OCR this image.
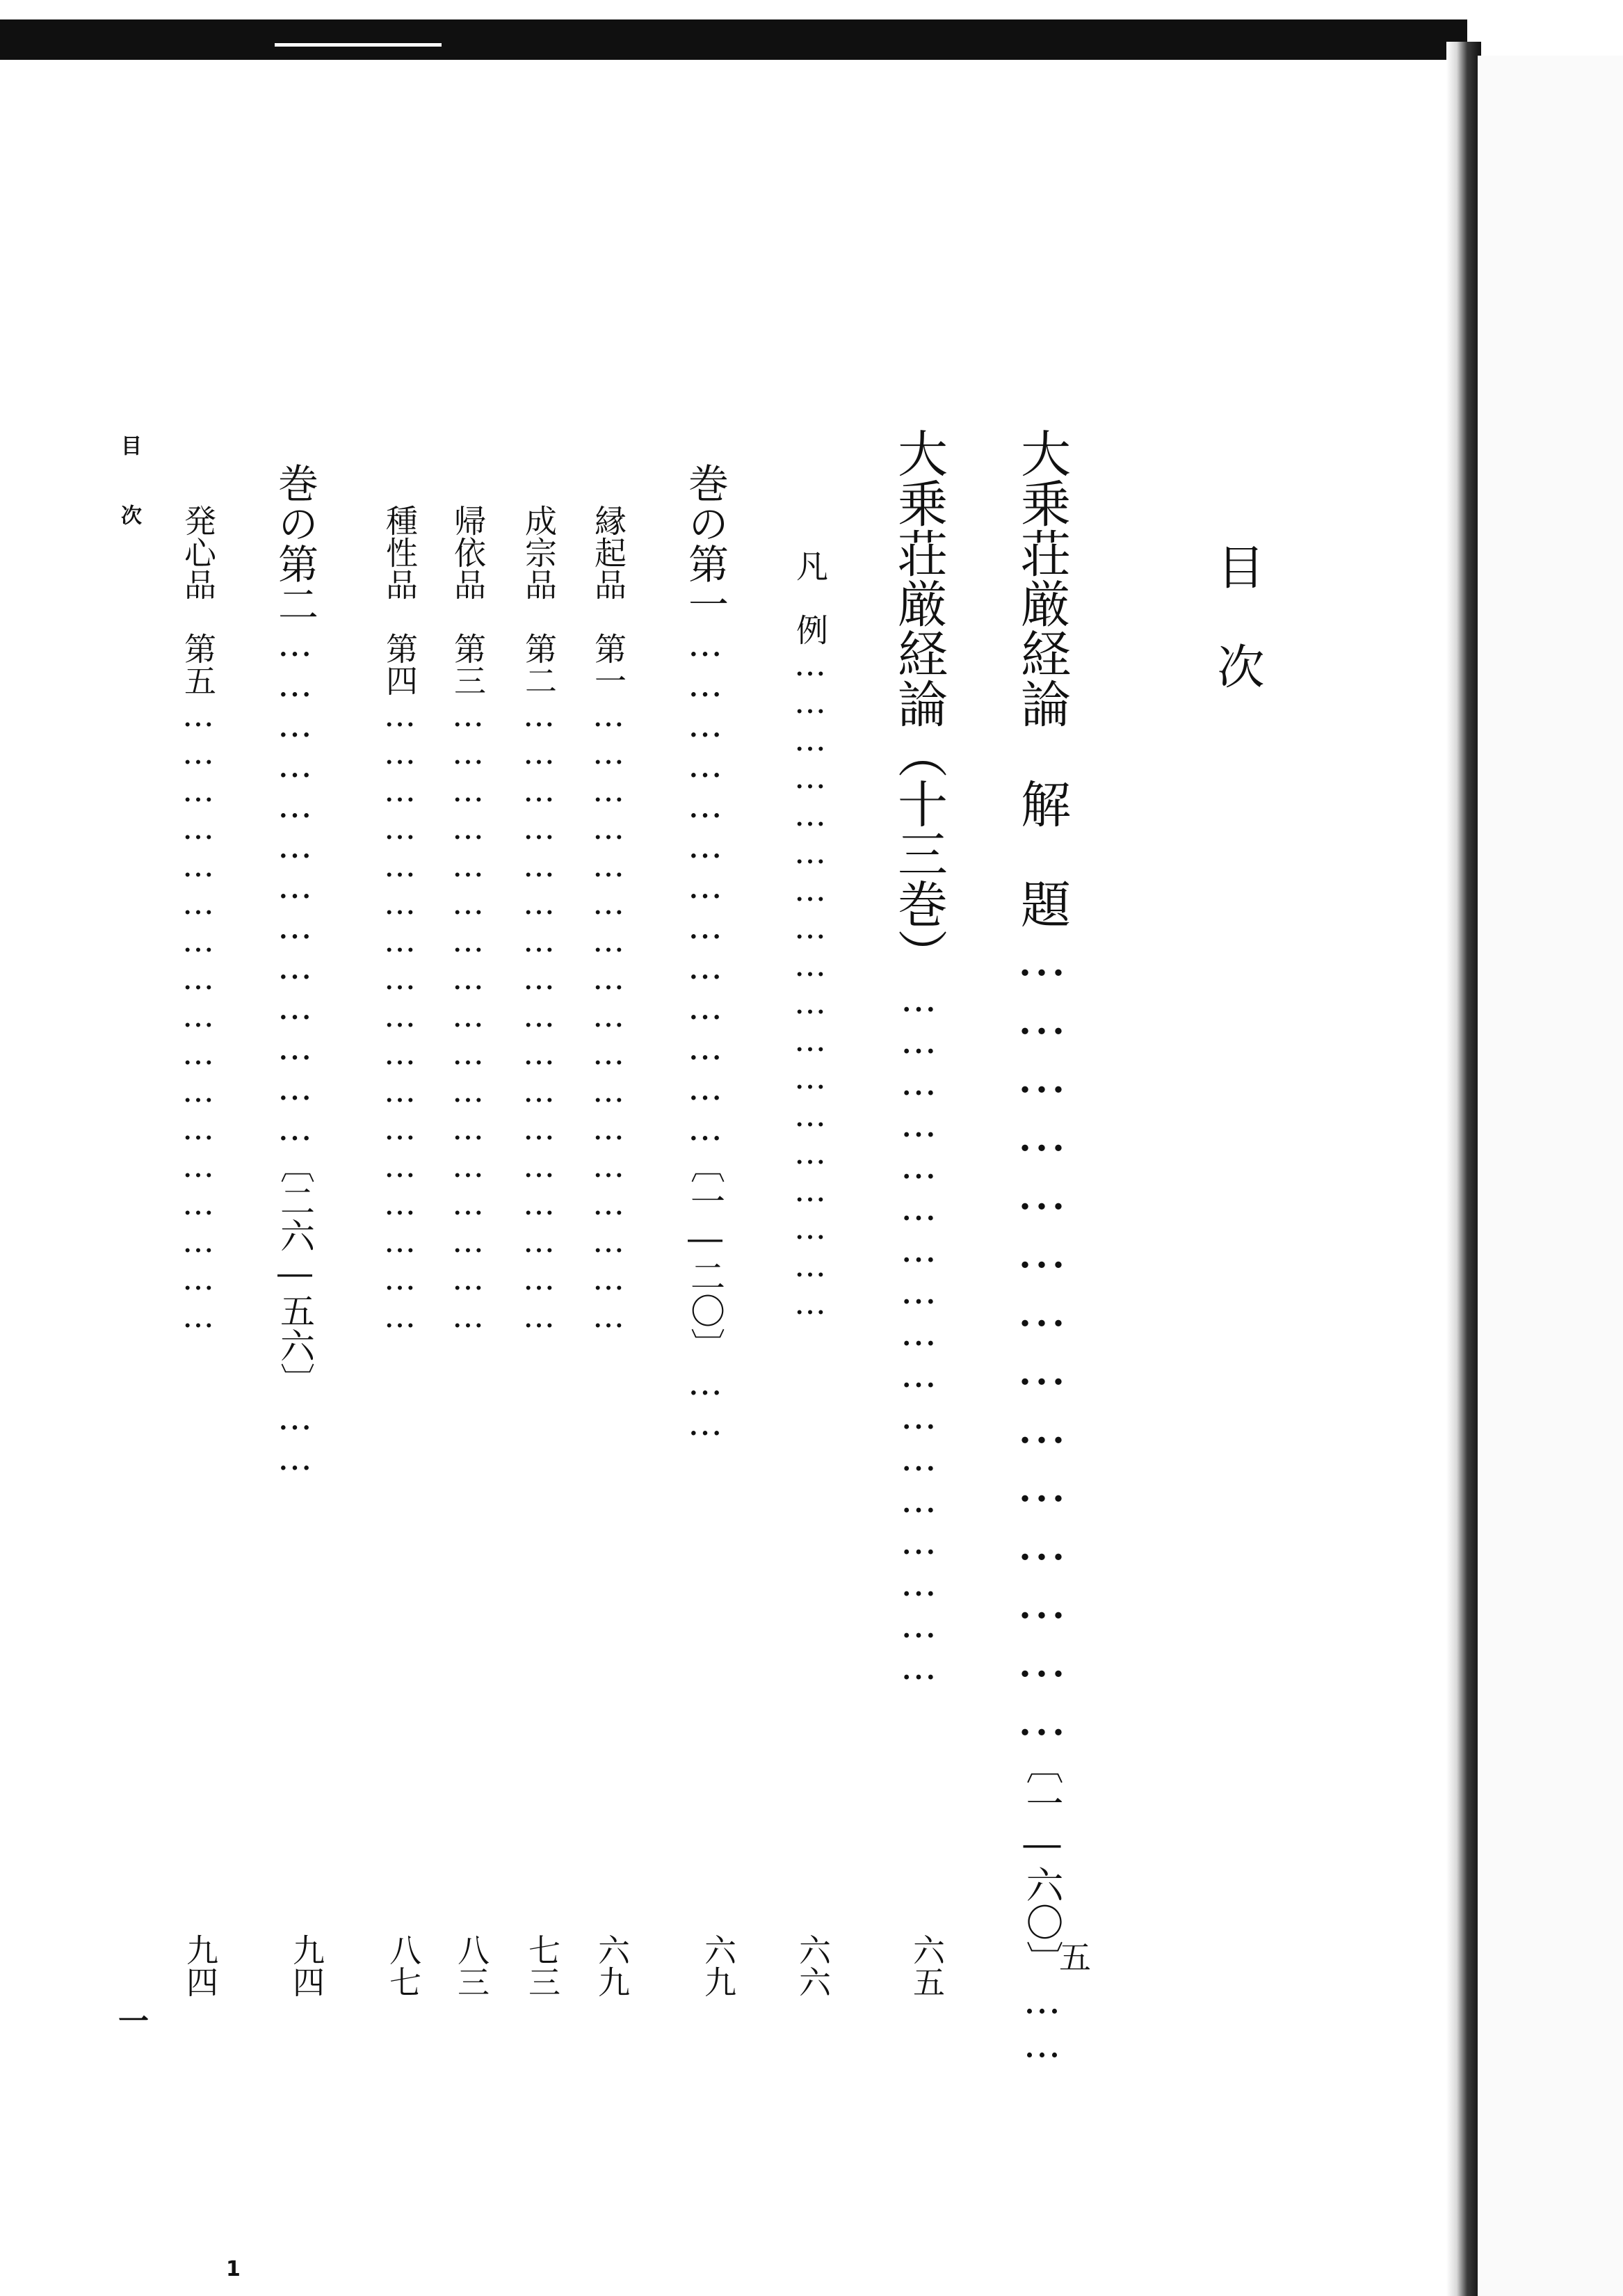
目次
大乗荘厳経論　解　題……………………………………〔一―六〇〕……
五
大乗荘厳経論（十三巻）……………………………………………
六五
凡　例………………………………………………
六六
巻の第一…………………………………〔一―二〇〕……
六九
縁起品　第一……………………………………………
六九
成宗品　第二……………………………………………
七三
帰依品　第三……………………………………………
八三
種性品　第四……………………………………………
八七
巻の第二…………………………………〔二六―五六〕……
九四
発心品　第五……………………………………………
九四
目次
一
1
